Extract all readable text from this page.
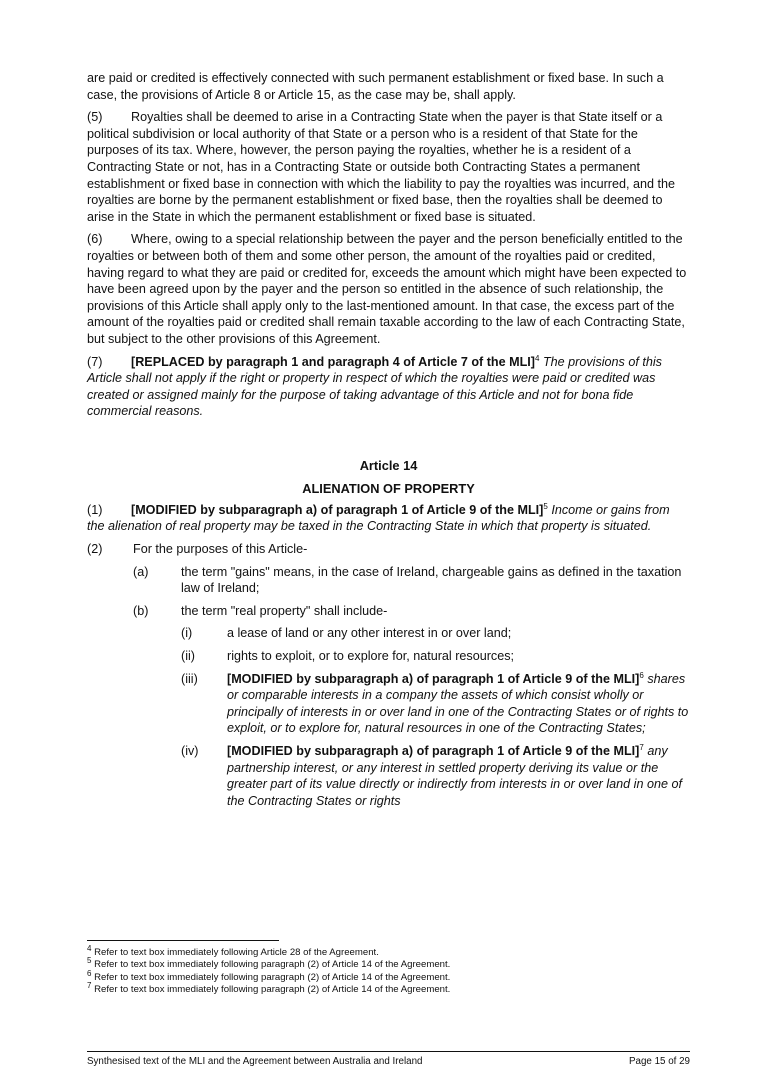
are paid or credited is effectively connected with such permanent establishment or fixed base. In such a case, the provisions of Article 8 or Article 15, as the case may be, shall apply.

(5) Royalties shall be deemed to arise in a Contracting State when the payer is that State itself or a political subdivision or local authority of that State or a person who is a resident of that State for the purposes of its tax. Where, however, the person paying the royalties, whether he is a resident of a Contracting State or not, has in a Contracting State or outside both Contracting States a permanent establishment or fixed base in connection with which the liability to pay the royalties was incurred, and the royalties are borne by the permanent establishment or fixed base, then the royalties shall be deemed to arise in the State in which the permanent establishment or fixed base is situated.

(6) Where, owing to a special relationship between the payer and the person beneficially entitled to the royalties or between both of them and some other person, the amount of the royalties paid or credited, having regard to what they are paid or credited for, exceeds the amount which might have been expected to have been agreed upon by the payer and the person so entitled in the absence of such relationship, the provisions of this Article shall apply only to the last-mentioned amount. In that case, the excess part of the amount of the royalties paid or credited shall remain taxable according to the law of each Contracting State, but subject to the other provisions of this Agreement.

(7) [REPLACED by paragraph 1 and paragraph 4 of Article 7 of the MLI]$^4$ The provisions of this Article shall not apply if the right or property in respect of which the royalties were paid or credited was created or assigned mainly for the purpose of taking advantage of this Article and not for bona fide commercial reasons.

Article 14

ALIENATION OF PROPERTY

(1) [MODIFIED by subparagraph a) of paragraph 1 of Article 9 of the MLI]$^5$ Income or gains from the alienation of real property may be taxed in the Contracting State in which that property is situated.

(2)	For the purposes of this Article-
(a)	the term "gains" means, in the case of Ireland, chargeable gains as defined in the taxation law of Ireland;
(b)	the term "real property" shall include-
(i)	a lease of land or any other interest in or over land;
(ii)	rights to exploit, or to explore for, natural resources;
(iii)	[MODIFIED by subparagraph a) of paragraph 1 of Article 9 of the MLI]$^6$ shares or comparable interests in a company the assets of which consist wholly or principally of interests in or over land in one of the Contracting States or of rights to exploit, or to explore for, natural resources in one of the Contracting States;
(iv)	[MODIFIED by subparagraph a) of paragraph 1 of Article 9 of the MLI]$^7$ any partnership interest, or any interest in settled property deriving its value or the greater part of its value directly or indirectly from interests in or over land in one of the Contracting States or rights
$^4$ Refer to text box immediately following Article 28 of the Agreement.
$^5$ Refer to text box immediately following paragraph (2) of Article 14 of the Agreement.
$^6$ Refer to text box immediately following paragraph (2) of Article 14 of the Agreement.
$^7$ Refer to text box immediately following paragraph (2) of Article 14 of the Agreement.
Synthesised text of the MLI and the Agreement between Australia and Ireland	Page 15 of 29
